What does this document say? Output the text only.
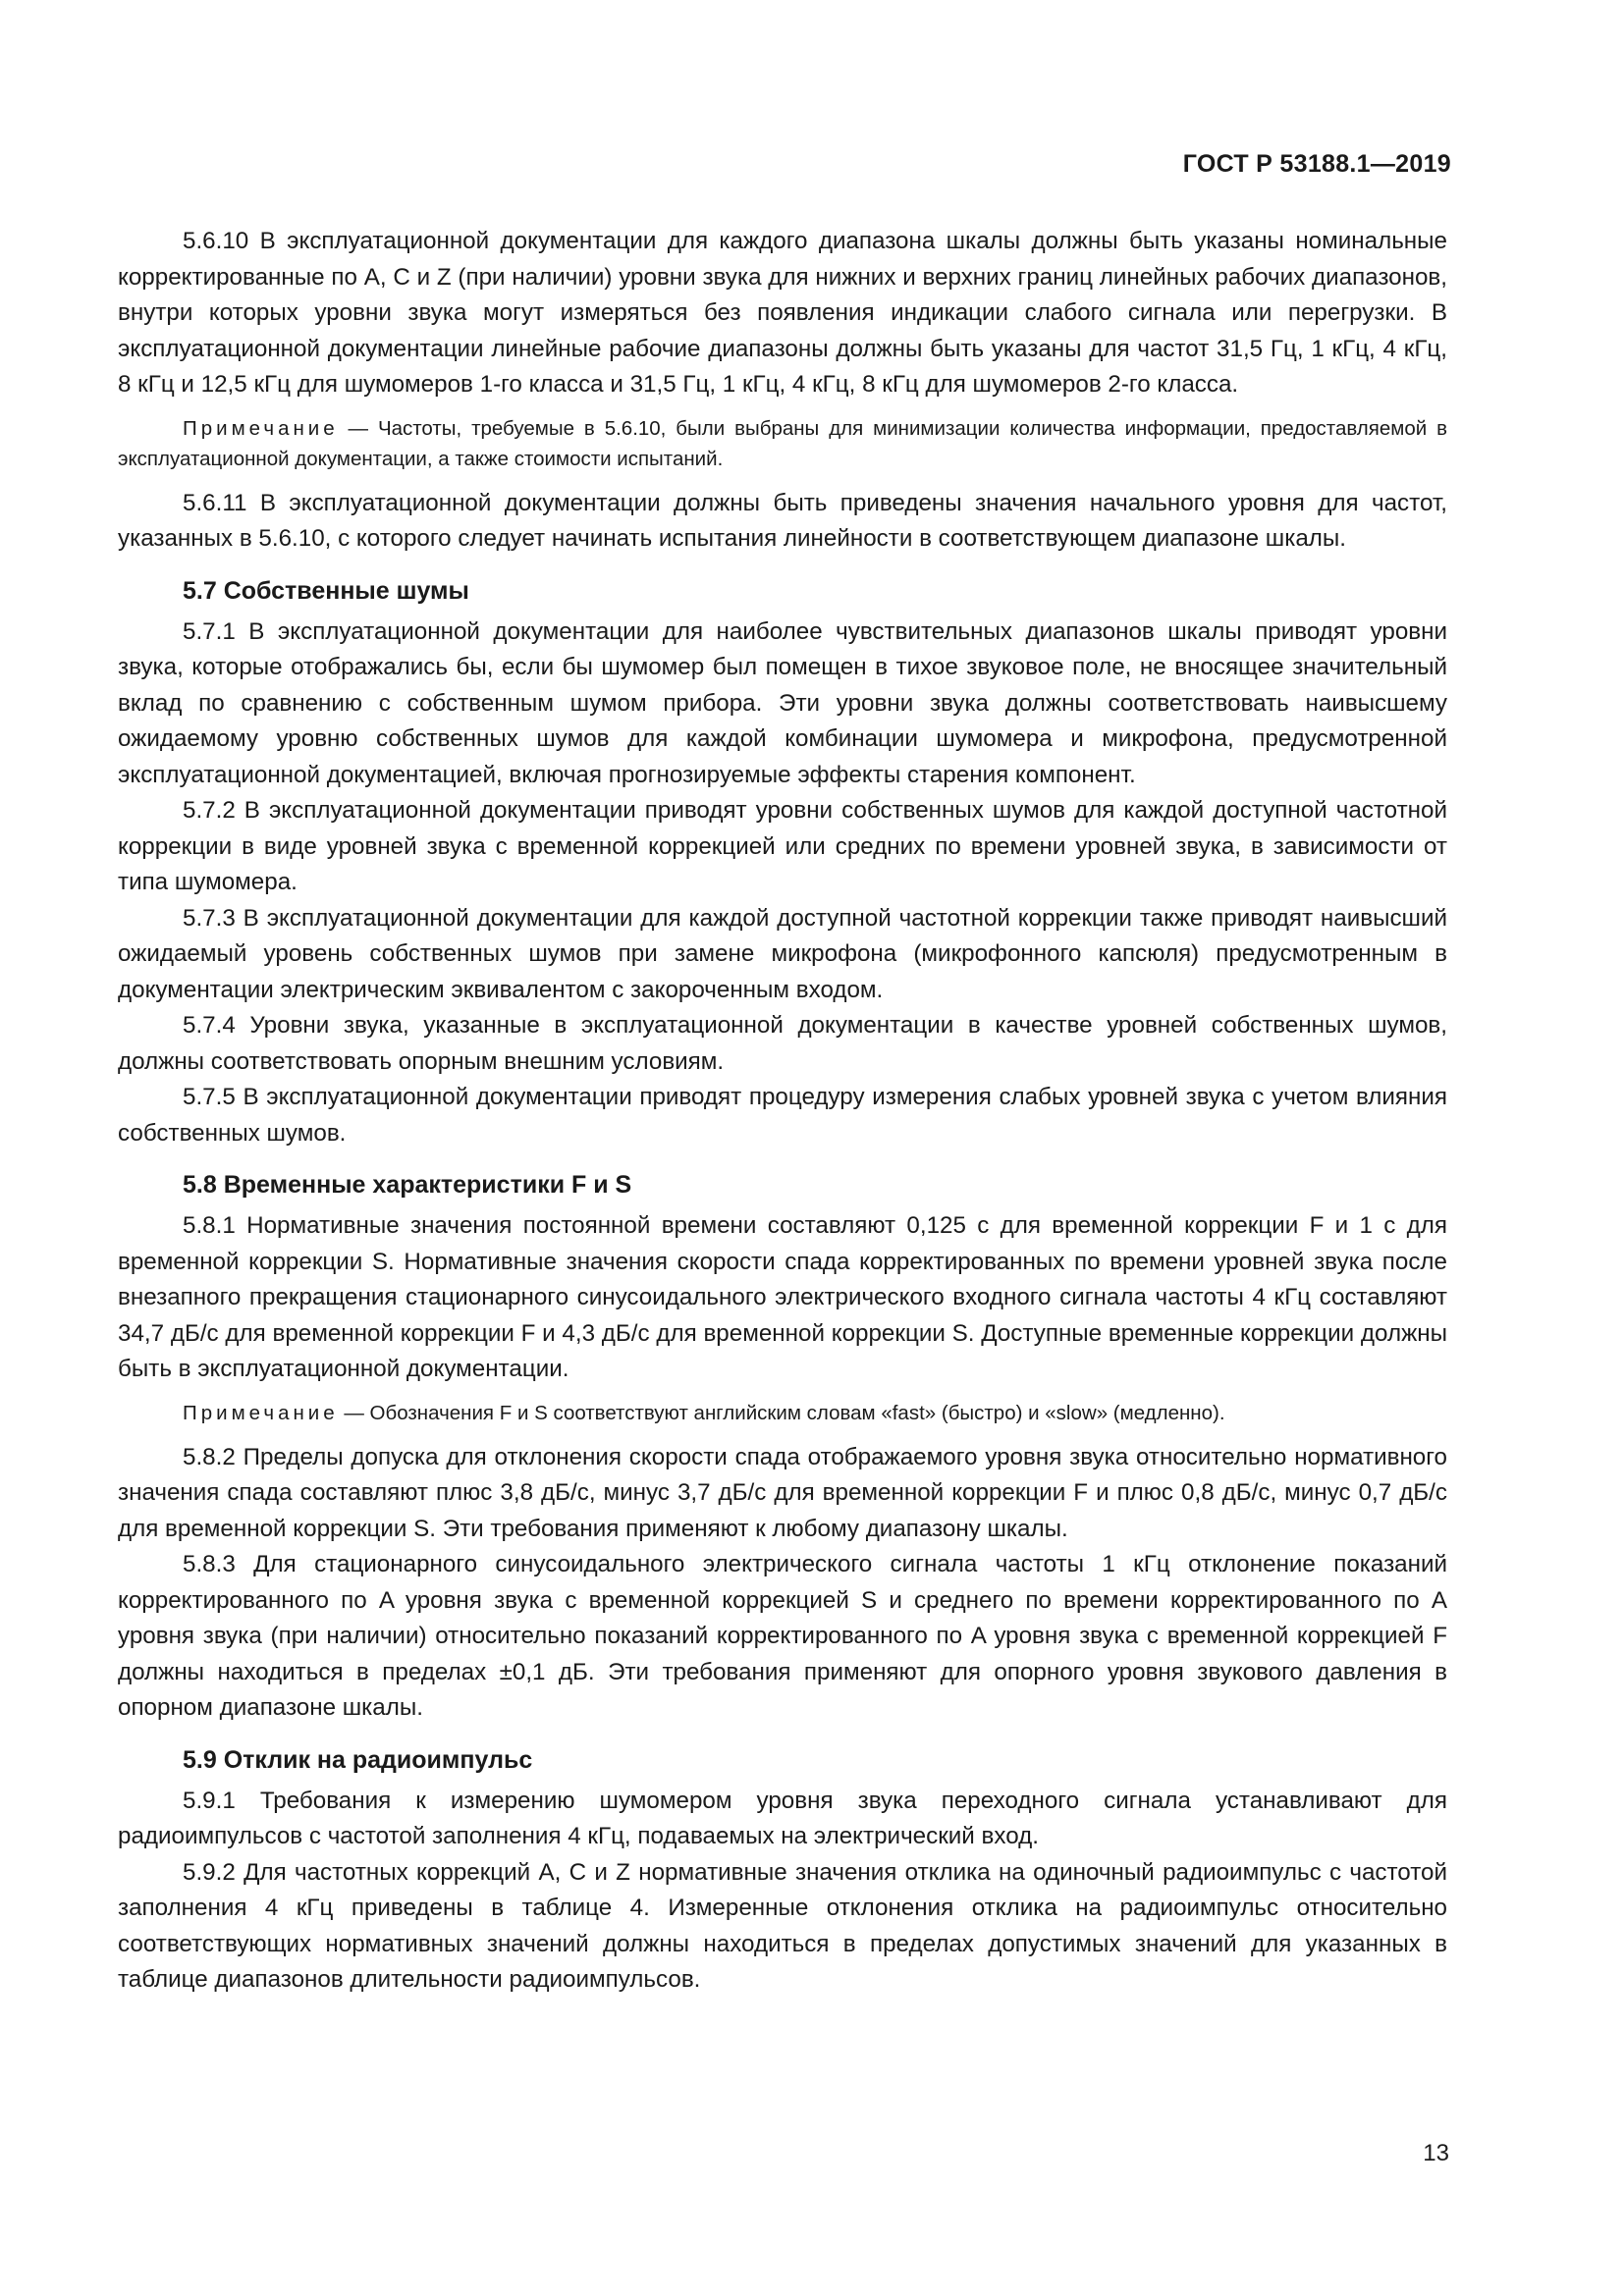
ГОСТ Р 53188.1—2019

5.6.10 В эксплуатационной документации для каждого диапазона шкалы должны быть указаны номинальные корректированные по A, C и Z (при наличии) уровни звука для нижних и верхних границ линейных рабочих диапазонов, внутри которых уровни звука могут измеряться без появления индикации слабого сигнала или перегрузки. В эксплуатационной документации линейные рабочие диапазоны должны быть указаны для частот 31,5 Гц, 1 кГц, 4 кГц, 8 кГц и 12,5 кГц для шумомеров 1-го класса и 31,5 Гц, 1 кГц, 4 кГц, 8 кГц для шумомеров 2-го класса.

Примечание — Частоты, требуемые в 5.6.10, были выбраны для минимизации количества информации, предоставляемой в эксплуатационной документации, а также стоимости испытаний.

5.6.11 В эксплуатационной документации должны быть приведены значения начального уровня для частот, указанных в 5.6.10, с которого следует начинать испытания линейности в соответствующем диапазоне шкалы.

5.7 Собственные шумы

5.7.1 В эксплуатационной документации для наиболее чувствительных диапазонов шкалы приводят уровни звука, которые отображались бы, если бы шумомер был помещен в тихое звуковое поле, не вносящее значительный вклад по сравнению с собственным шумом прибора. Эти уровни звука должны соответствовать наивысшему ожидаемому уровню собственных шумов для каждой комбинации шумомера и микрофона, предусмотренной эксплуатационной документацией, включая прогнозируемые эффекты старения компонент.

5.7.2 В эксплуатационной документации приводят уровни собственных шумов для каждой доступной частотной коррекции в виде уровней звука с временной коррекцией или средних по времени уровней звука, в зависимости от типа шумомера.

5.7.3 В эксплуатационной документации для каждой доступной частотной коррекции также приводят наивысший ожидаемый уровень собственных шумов при замене микрофона (микрофонного капсюля) предусмотренным в документации электрическим эквивалентом с закороченным входом.

5.7.4 Уровни звука, указанные в эксплуатационной документации в качестве уровней собственных шумов, должны соответствовать опорным внешним условиям.

5.7.5 В эксплуатационной документации приводят процедуру измерения слабых уровней звука с учетом влияния собственных шумов.

5.8 Временные характеристики F и S

5.8.1 Нормативные значения постоянной времени составляют 0,125 с для временной коррекции F и 1 с для временной коррекции S. Нормативные значения скорости спада корректированных по времени уровней звука после внезапного прекращения стационарного синусоидального электрического входного сигнала частоты 4 кГц составляют 34,7 дБ/с для временной коррекции F и 4,3 дБ/с для временной коррекции S. Доступные временные коррекции должны быть в эксплуатационной документации.

Примечание — Обозначения F и S соответствуют английским словам «fast» (быстро) и «slow» (медленно).

5.8.2 Пределы допуска для отклонения скорости спада отображаемого уровня звука относительно нормативного значения спада составляют плюс 3,8 дБ/с, минус 3,7 дБ/с для временной коррекции F и плюс 0,8 дБ/с, минус 0,7 дБ/с для временной коррекции S. Эти требования применяют к любому диапазону шкалы.

5.8.3 Для стационарного синусоидального электрического сигнала частоты 1 кГц отклонение показаний корректированного по A уровня звука с временной коррекцией S и среднего по времени корректированного по A уровня звука (при наличии) относительно показаний корректированного по A уровня звука с временной коррекцией F должны находиться в пределах ±0,1 дБ. Эти требования применяют для опорного уровня звукового давления в опорном диапазоне шкалы.

5.9 Отклик на радиоимпульс

5.9.1 Требования к измерению шумомером уровня звука переходного сигнала устанавливают для радиоимпульсов с частотой заполнения 4 кГц, подаваемых на электрический вход.

5.9.2 Для частотных коррекций A, C и Z нормативные значения отклика на одиночный радиоимпульс с частотой заполнения 4 кГц приведены в таблице 4. Измеренные отклонения отклика на радиоимпульс относительно соответствующих нормативных значений должны находиться в пределах допустимых значений для указанных в таблице диапазонов длительности радиоимпульсов.

13
